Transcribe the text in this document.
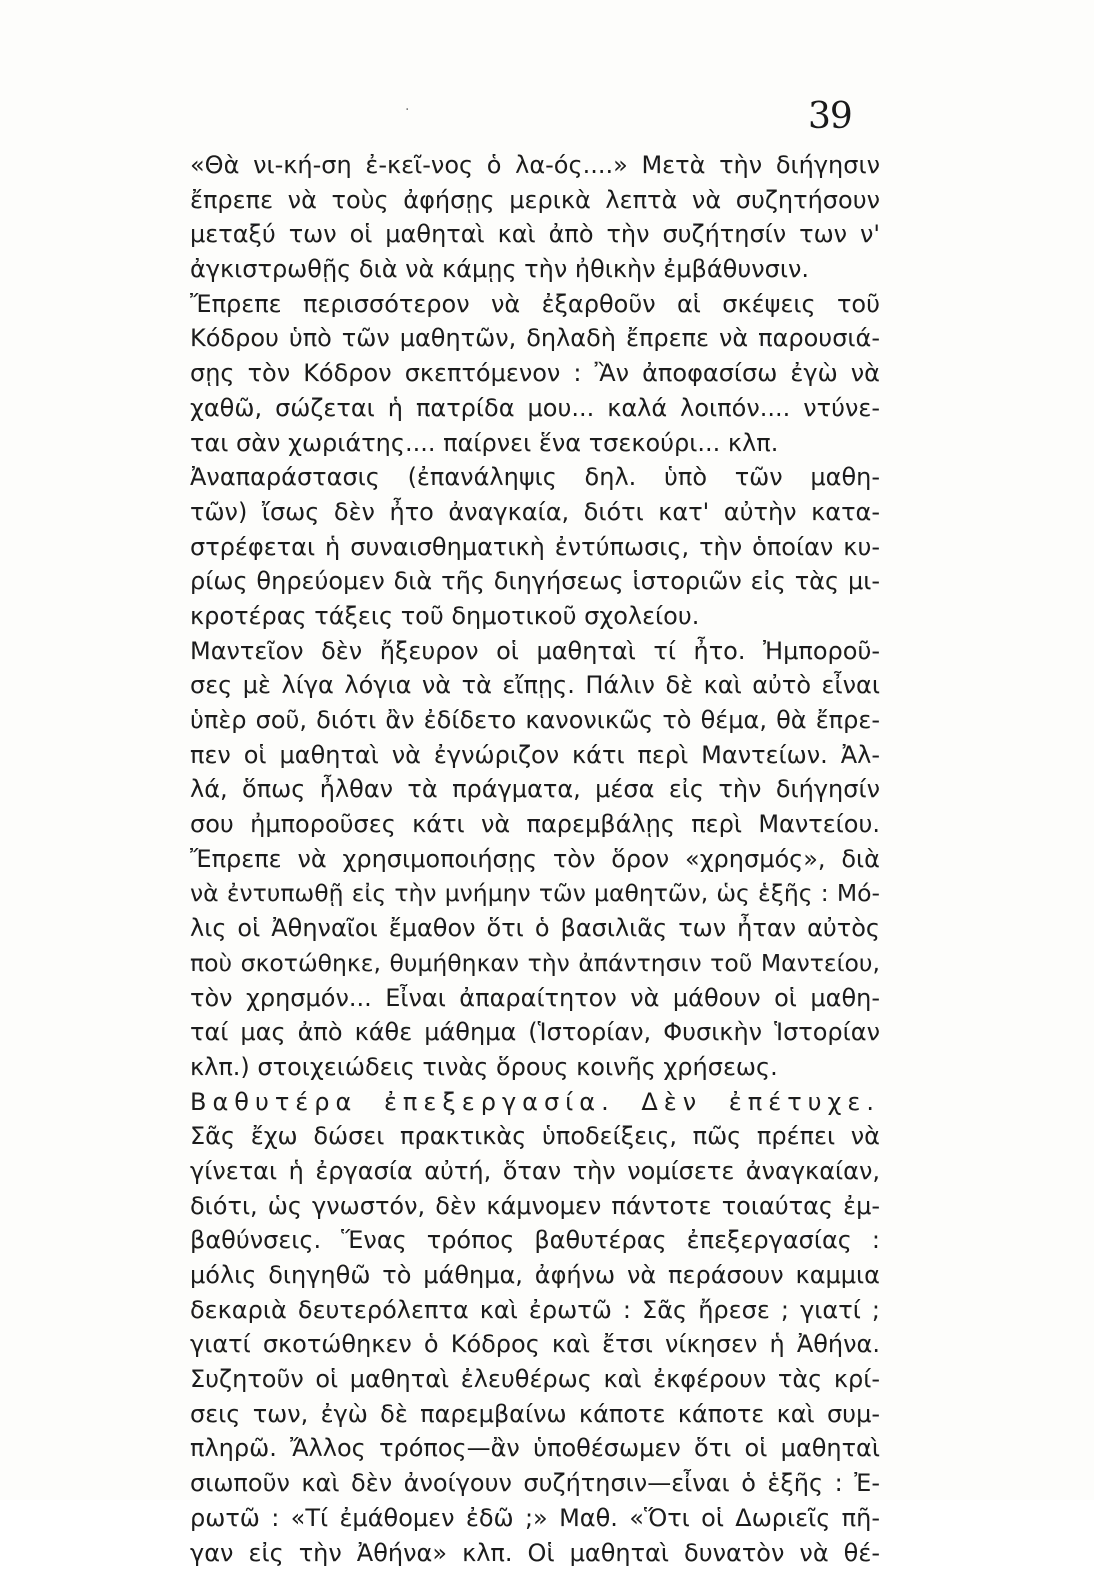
·	39
«Θὰ νι-κή-ση ἐ-κεῖ-νος ὁ λα-ός....» Μετὰ τὴν διήγησιν
ἔπρεπε νὰ τοὺς ἀφήσῃς μερικὰ λεπτὰ νὰ συζητήσουν
μεταξύ των οἱ μαθηταὶ καὶ ἀπὸ τὴν συζήτησίν των ν'
ἀγκιστρωθῇς διὰ νὰ κάμῃς τὴν ἠθικὴν ἐμβάθυνσιν.
Ἔπρεπε περισσότερον νὰ ἐξαρθοῦν αἱ σκέψεις τοῦ
Κόδρου ὑπὸ τῶν μαθητῶν, δηλαδὴ ἔπρεπε νὰ παρουσιά-
σῃς τὸν Κόδρον σκεπτόμενον : Ἂν ἀποφασίσω ἐγὼ νὰ
χαθῶ, σώζεται ἡ πατρίδα μου... καλά λοιπόν.... ντύνε-
ται σὰν χωριάτης.... παίρνει ἕνα τσεκούρι... κλπ.
Ἀναπαράστασις (ἐπανάληψις δηλ. ὑπὸ τῶν μαθη-
τῶν) ἴσως δὲν ἦτο ἀναγκαία, διότι κατ' αὐτὴν κατα-
στρέφεται ἡ συναισθηματικὴ ἐντύπωσις, τὴν ὁποίαν κυ-
ρίως θηρεύομεν διὰ τῆς διηγήσεως ἱστοριῶν εἰς τὰς μι-
κροτέρας τάξεις τοῦ δημοτικοῦ σχολείου.
Μαντεῖον δὲν ἤξευρον οἱ μαθηταὶ τί ἦτο. Ἠμποροῦ-
σες μὲ λίγα λόγια νὰ τὰ εἴπῃς. Πάλιν δὲ καὶ αὐτὸ εἶναι
ὑπὲρ σοῦ, διότι ἂν ἐδίδετο κανονικῶς τὸ θέμα, θὰ ἔπρε-
πεν οἱ μαθηταὶ νὰ ἐγνώριζον κάτι περὶ Μαντείων. Ἀλ-
λά, ὅπως ἦλθαν τὰ πράγματα, μέσα εἰς τὴν διήγησίν
σου ἠμποροῦσες κάτι νὰ παρεμβάλῃς περὶ Μαντείου.
Ἔπρεπε νὰ χρησιμοποιήσῃς τὸν ὅρον «χρησμός», διὰ
νὰ ἐντυπωθῇ εἰς τὴν μνήμην τῶν μαθητῶν, ὡς ἑξῆς : Μό-
λις οἱ Ἀθηναῖοι ἔμαθον ὅτι ὁ βασιλιᾶς των ἦταν αὐτὸς
ποὺ σκοτώθηκε, θυμήθηκαν τὴν ἀπάντησιν τοῦ Μαντείου,
τὸν χρησμόν... Εἶναι ἀπαραίτητον νὰ μάθουν οἱ μαθη-
ταί μας ἀπὸ κάθε μάθημα (Ἱστορίαν, Φυσικὴν Ἱστορίαν
κλπ.) στοιχειώδεις τινὰς ὅρους κοινῆς χρήσεως.
Βαθυτέρα ἐπεξεργασία. Δὲν ἐπέτυχε.
Σᾶς ἔχω δώσει πρακτικὰς ὑποδείξεις, πῶς πρέπει νὰ
γίνεται ἡ ἐργασία αὐτή, ὅταν τὴν νομίσετε ἀναγκαίαν,
διότι, ὡς γνωστόν, δὲν κάμνομεν πάντοτε τοιαύτας ἐμ-
βαθύνσεις. Ἕνας τρόπος βαθυτέρας ἐπεξεργασίας :
μόλις διηγηθῶ τὸ μάθημα, ἀφήνω νὰ περάσουν καμμια
δεκαριὰ δευτερόλεπτα καὶ ἐρωτῶ : Σᾶς ἤρεσε ; γιατί ;
γιατί σκοτώθηκεν ὁ Κόδρος καὶ ἔτσι νίκησεν ἡ Ἀθήνα.
Συζητοῦν οἱ μαθηταὶ ἐλευθέρως καὶ ἐκφέρουν τὰς κρί-
σεις των, ἐγὼ δὲ παρεμβαίνω κάποτε κάποτε καὶ συμ-
πληρῶ. Ἄλλος τρόπος—ἂν ὑποθέσωμεν ὅτι οἱ μαθηταὶ
σιωποῦν καὶ δὲν ἀνοίγουν συζήτησιν—εἶναι ὁ ἑξῆς : Ἐ-
ρωτῶ : «Τί ἐμάθομεν ἐδῶ ;» Μαθ. «Ὅτι οἱ Δωριεῖς πῆ-
γαν εἰς τὴν Ἀθήνα» κλπ. Οἱ μαθηταὶ δυνατὸν νὰ θέ-
